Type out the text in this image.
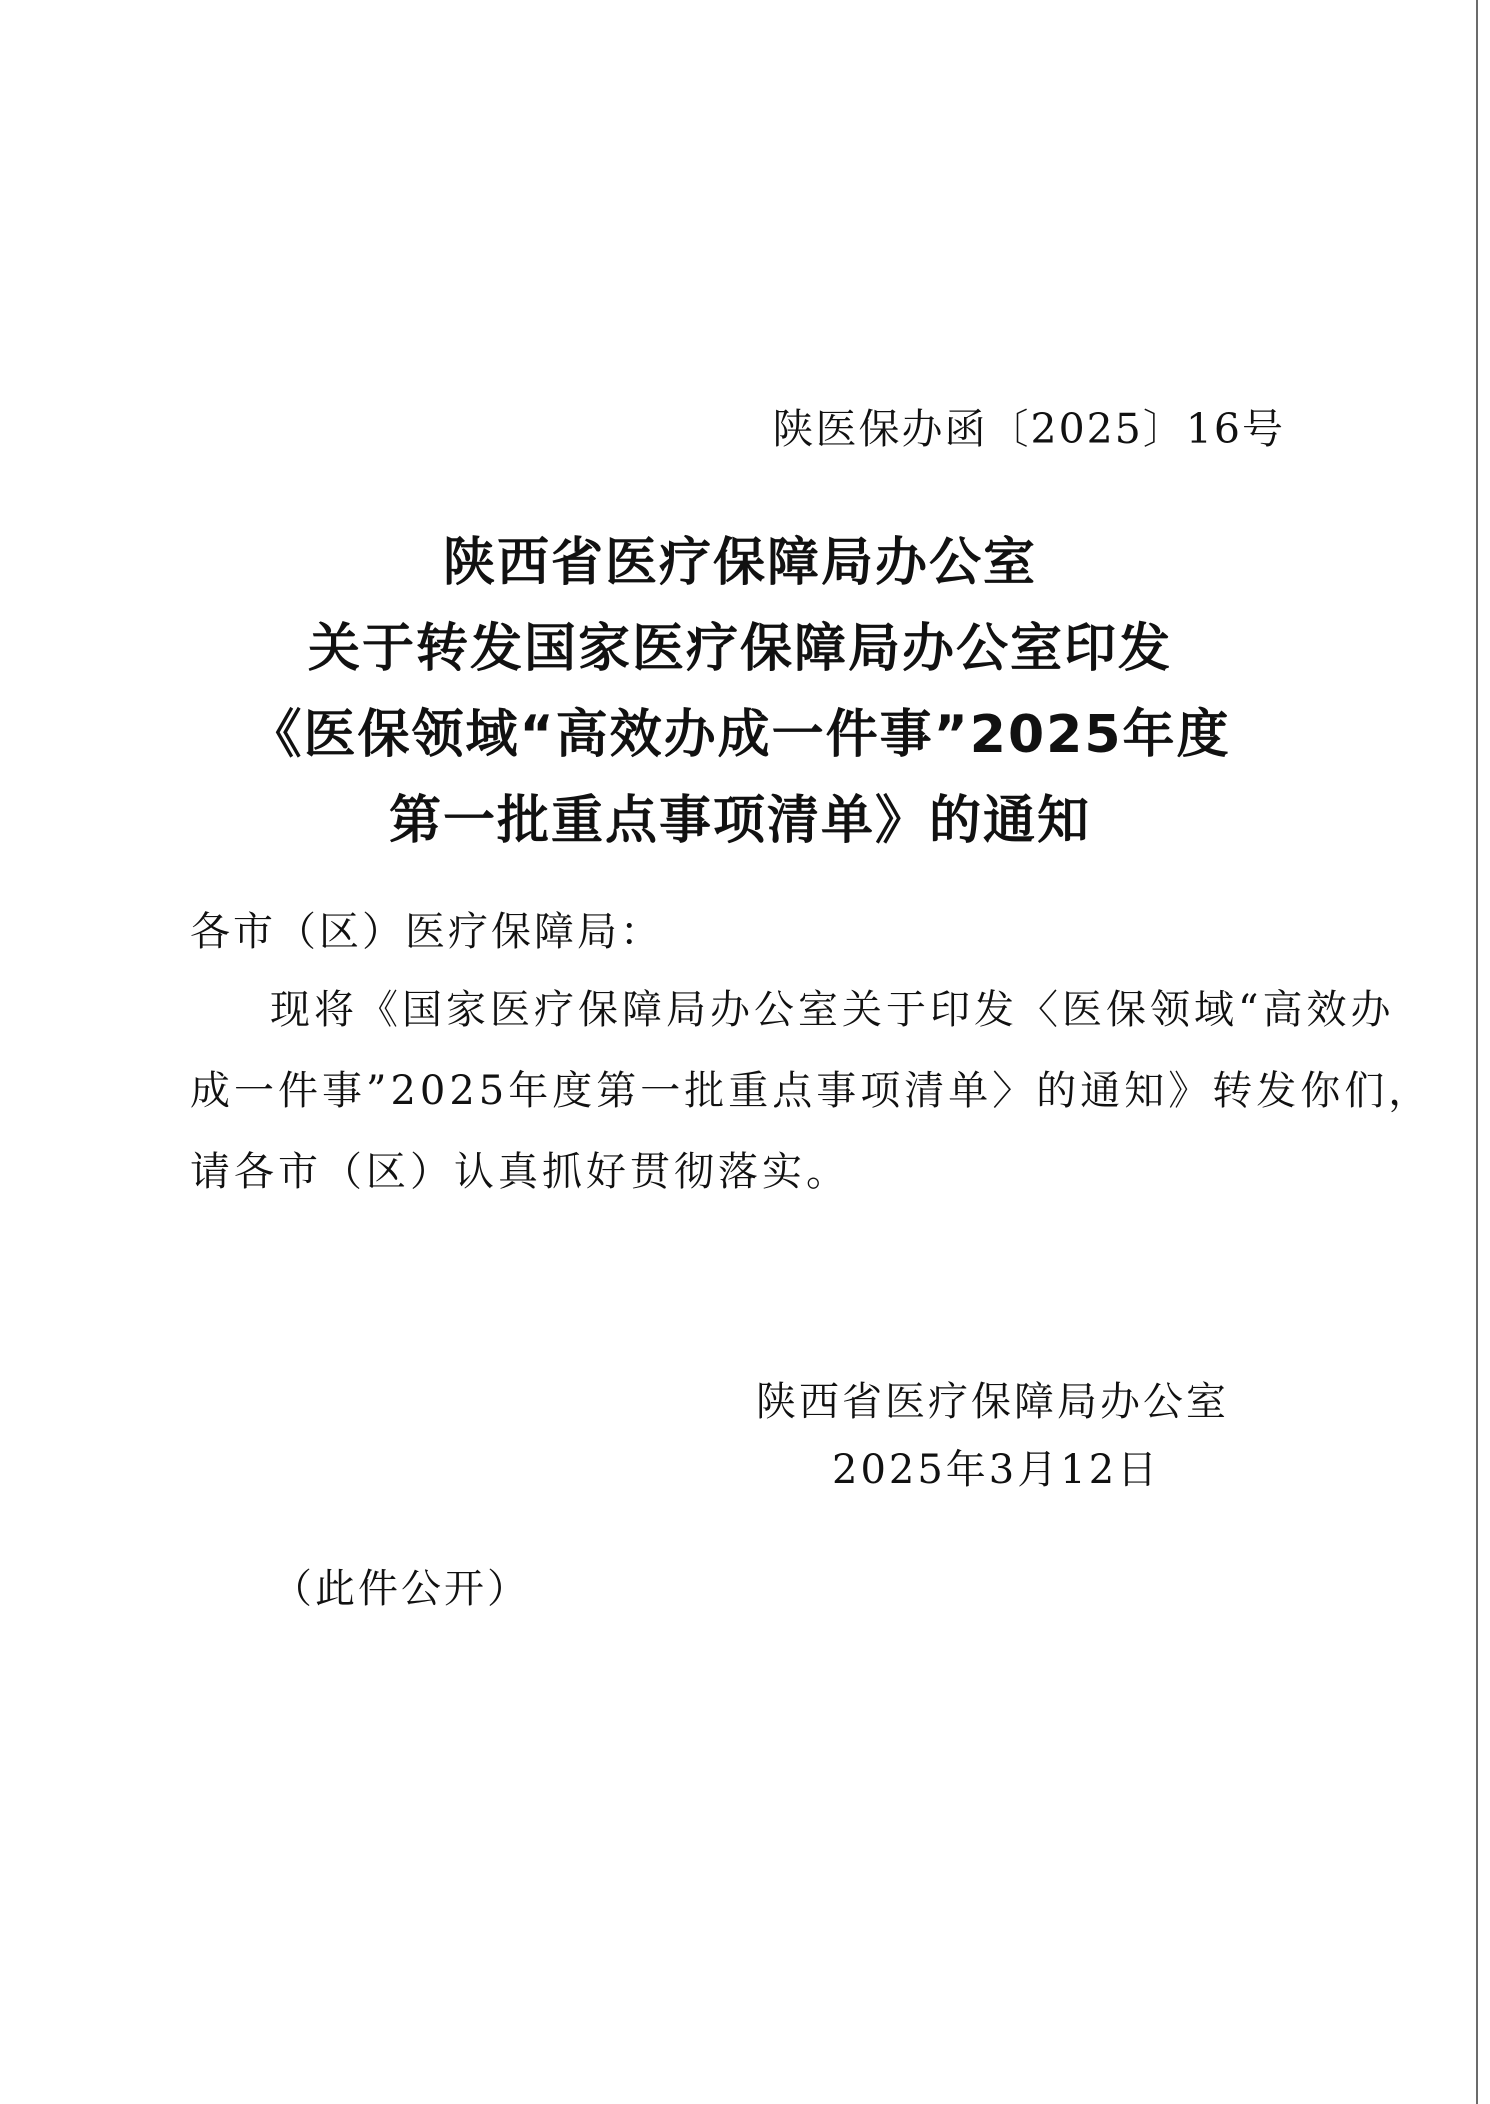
陕医保办函〔2025〕16号
陕西省医疗保障局办公室
关于转发国家医疗保障局办公室印发
《医保领域“高效办成一件事”2025年度
第一批重点事项清单》的通知
各市（区）医疗保障局：
现将《国家医疗保障局办公室关于印发〈医保领域“高效办
成一件事”2025年度第一批重点事项清单〉的通知》转发你们，
请各市（区）认真抓好贯彻落实。
陕西省医疗保障局办公室
2025年3月12日
（此件公开）
